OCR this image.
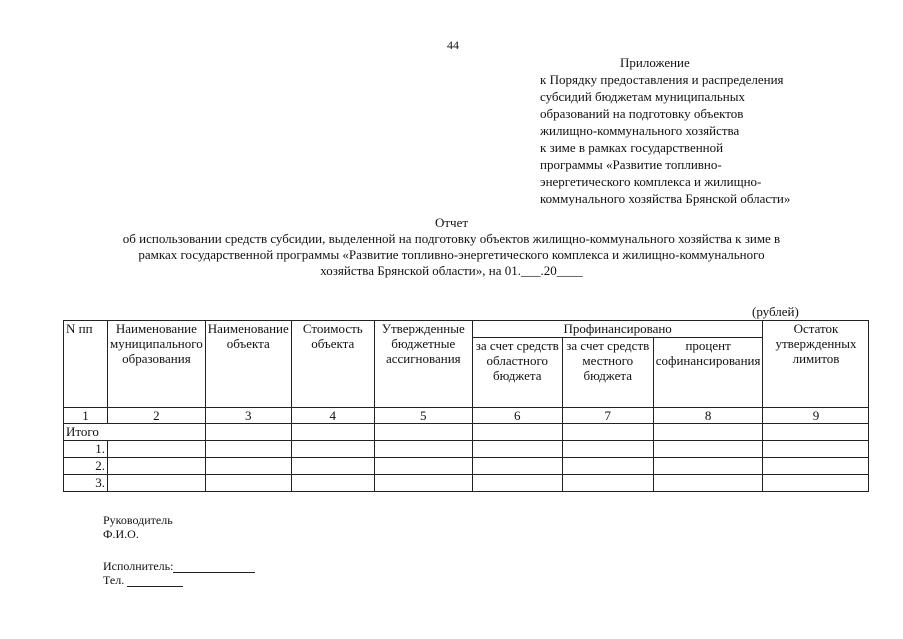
44
Приложение
к Порядку предоставления и распределения
субсидий бюджетам муниципальных
образований на подготовку объектов
жилищно-коммунального хозяйства
к зиме в рамках государственной
программы «Развитие топливно-
энергетического комплекса и жилищно-
коммунального хозяйства Брянской области»
Отчет
об использовании средств субсидии, выделенной на подготовку объектов жилищно-коммунального хозяйства к зиме в
рамках государственной программы «Развитие топливно-энергетического комплекса и жилищно-коммунального
хозяйства Брянской области», на 01.___.20____
(рублей)
N пп	Наименование муниципального образования	Наименование объекта	Стоимость объекта	Утвержденные бюджетные ассигнования	Профинансировано			Остаток утвержденных лимитов
					за счет средств областного бюджета	за счет средств местного бюджета	процент софинансирования	
1	2	3	4	5	6	7	8	9
Итого								
1.								
2.								
3.								
Руководитель
Ф.И.О.
Исполнитель:
Тел.
